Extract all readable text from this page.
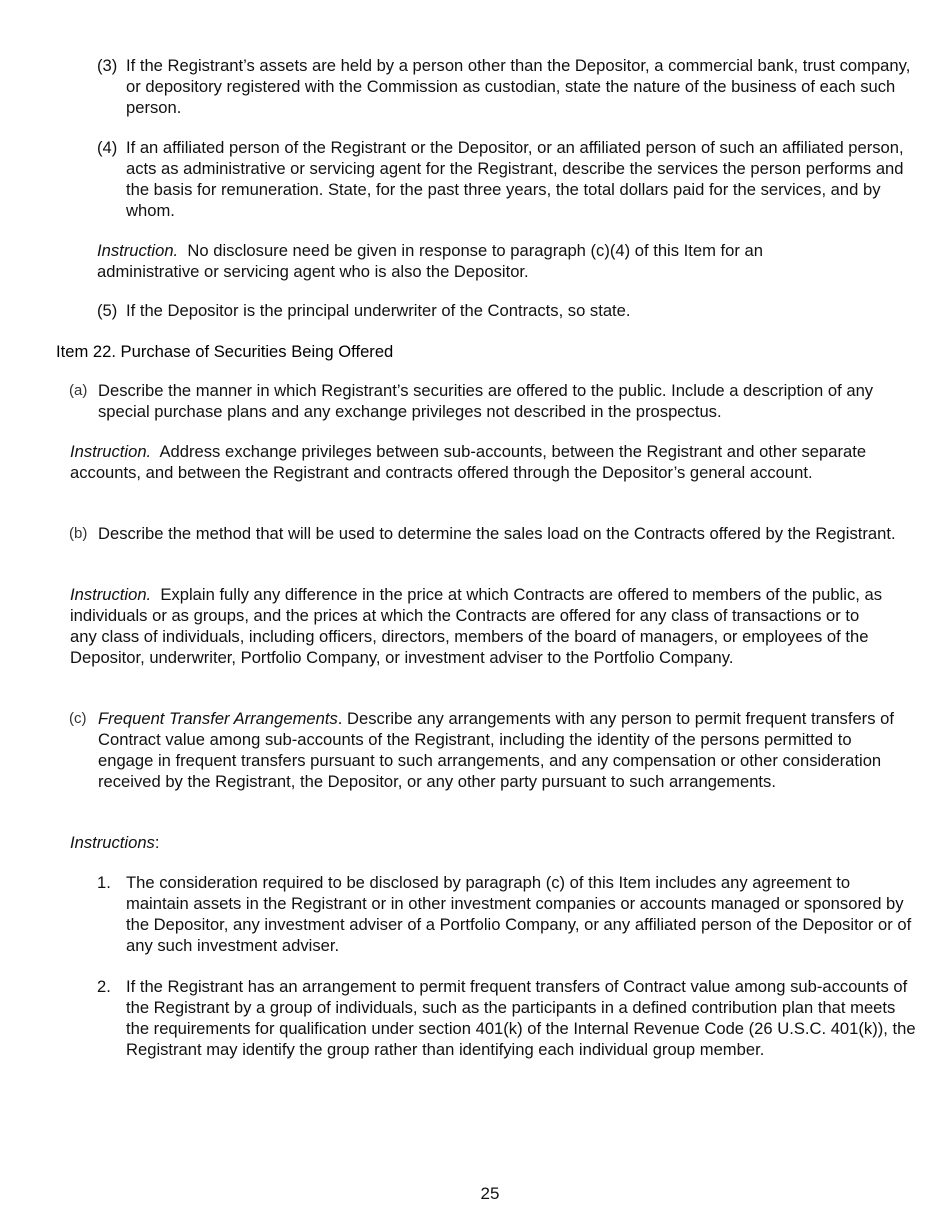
(3) If the Registrant’s assets are held by a person other than the Depositor, a commercial bank, trust company, or depository registered with the Commission as custodian, state the nature of the business of each such person.
(4) If an affiliated person of the Registrant or the Depositor, or an affiliated person of such an affiliated person, acts as administrative or servicing agent for the Registrant, describe the services the person performs and the basis for remuneration. State, for the past three years, the total dollars paid for the services, and by whom.

Instruction. No disclosure need be given in response to paragraph (c)(4) of this Item for an administrative or servicing agent who is also the Depositor.

(5) If the Depositor is the principal underwriter of the Contracts, so state.
Item 22. Purchase of Securities Being Offered
(a) Describe the manner in which Registrant’s securities are offered to the public. Include a description of any special purchase plans and any exchange privileges not described in the prospectus.

Instruction. Address exchange privileges between sub-accounts, between the Registrant and other separate accounts, and between the Registrant and contracts offered through the Depositor’s general account.

(b) Describe the method that will be used to determine the sales load on the Contracts offered by the Registrant.

Instruction. Explain fully any difference in the price at which Contracts are offered to members of the public, as individuals or as groups, and the prices at which the Contracts are offered for any class of transactions or to any class of individuals, including officers, directors, members of the board of managers, or employees of the Depositor, underwriter, Portfolio Company, or investment adviser to the Portfolio Company.

(c) Frequent Transfer Arrangements. Describe any arrangements with any person to permit frequent transfers of Contract value among sub-accounts of the Registrant, including the identity of the persons permitted to engage in frequent transfers pursuant to such arrangements, and any compensation or other consideration received by the Registrant, the Depositor, or any other party pursuant to such arrangements.

Instructions:

1. The consideration required to be disclosed by paragraph (c) of this Item includes any agreement to maintain assets in the Registrant or in other investment companies or accounts managed or sponsored by the Depositor, any investment adviser of a Portfolio Company, or any affiliated person of the Depositor or of any such investment adviser.
2. If the Registrant has an arrangement to permit frequent transfers of Contract value among sub-accounts of the Registrant by a group of individuals, such as the participants in a defined contribution plan that meets the requirements for qualification under section 401(k) of the Internal Revenue Code (26 U.S.C. 401(k)), the Registrant may identify the group rather than identifying each individual group member.
25
